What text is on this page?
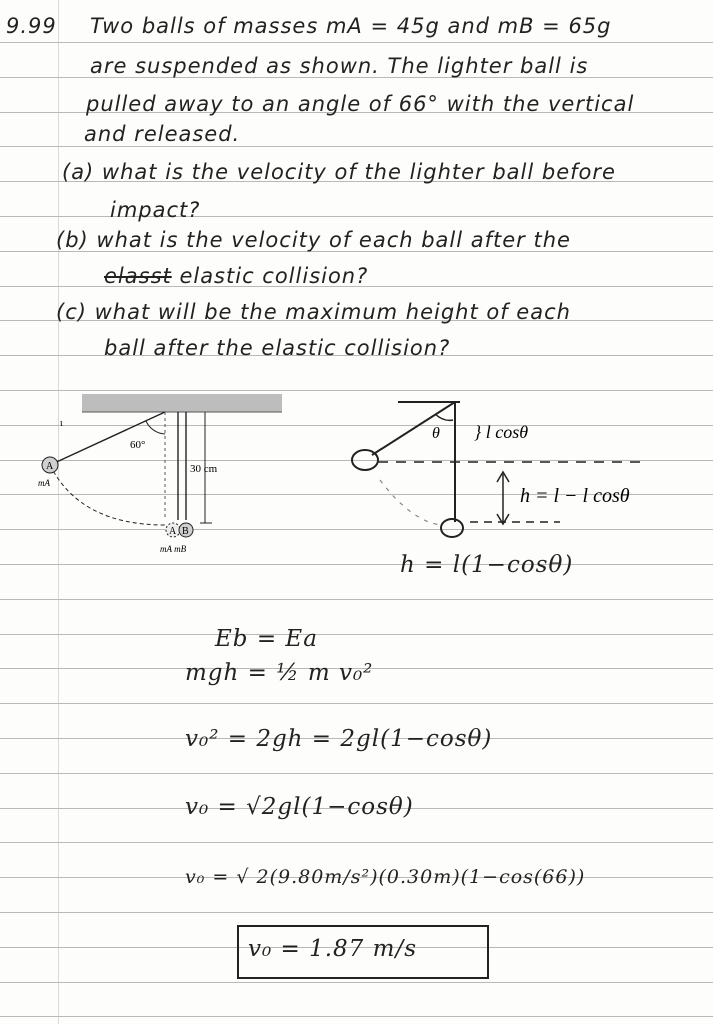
9.99 Two balls of masses mA = 45g and mB = 65g
are suspended as shown. The lighter ball is
pulled away to an angle of 66° with the vertical
and released.
(a) what is the velocity of the lighter ball before
impact?
(b) what is the velocity of each ball after the
elasst elastic collision?
(c) what will be the maximum height of each
ball after the elastic collision?
60°
30 cm
A
mA
A B
mA mB
ι
θ } l cosθ
h = l − l cosθ
h = l(1−cosθ)
Eb = Ea
mgh = ½ m v₀²
v₀² = 2gh = 2gl(1−cosθ)
v₀ = √2gl(1−cosθ)
v₀ = √ 2(9.80m/s²)(0.30m)(1−cos(66))
v₀ = 1.87 m/s
